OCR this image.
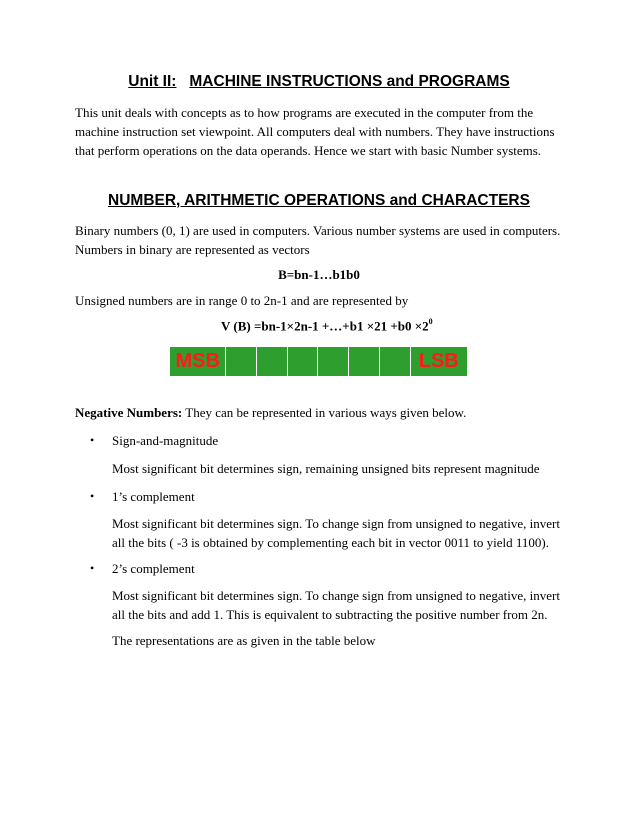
Unit II: MACHINE INSTRUCTIONS and PROGRAMS

This unit deals with concepts as to how programs are executed in the computer from the machine instruction set viewpoint. All computers deal with numbers. They have instructions that perform operations on the data operands. Hence we start with basic Number systems.

NUMBER, ARITHMETIC OPERATIONS and CHARACTERS

Binary numbers (0, 1) are used in computers. Various number systems are used in computers. Numbers in binary are represented as vectors

B=bn-1…b1b0

Unsigned numbers are in range 0 to 2n-1 and are represented by

V (B) =bn-1×2n-1 +…+b1 $\times 21 +b0 \times 2^0$
MSB	LSB

Negative Numbers: They can be represented in various ways given below.

• Sign-and-magnitude

Most significant bit determines sign, remaining unsigned bits represent magnitude

• 1’s complement

Most significant bit determines sign. To change sign from unsigned to negative, invert all the bits ( -3 is obtained by complementing each bit in vector 0011 to yield 1100).

• 2’s complement

Most significant bit determines sign. To change sign from unsigned to negative, invert all the bits and add 1. This is equivalent to subtracting the positive number from 2n.

The representations are as given in the table below
